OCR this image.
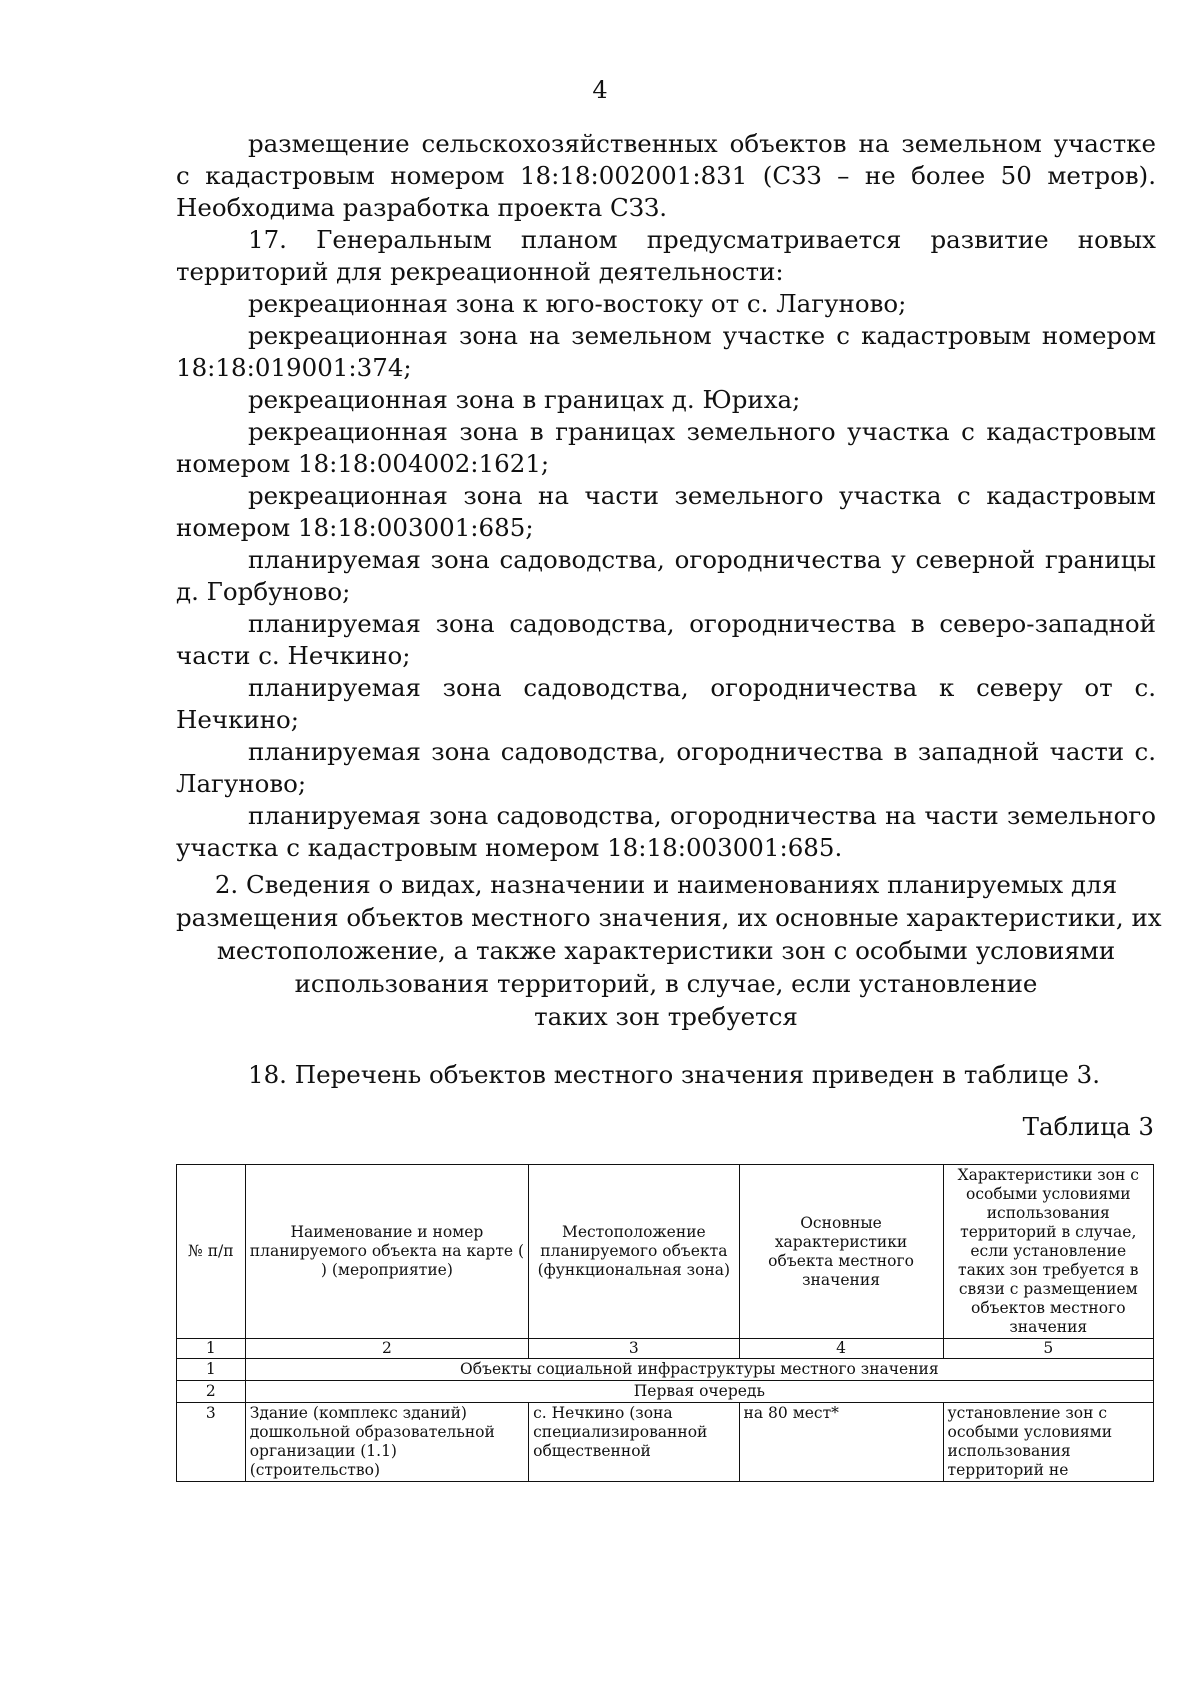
4

размещение сельскохозяйственных объектов на земельном участке с кадастровым номером 18:18:002001:831 (СЗЗ – не более 50 метров). Необходима разработка проекта СЗЗ.

17. Генеральным планом предусматривается развитие новых территорий для рекреационной деятельности:

рекреационная зона к юго-востоку от с. Лагуново;

рекреационная зона на земельном участке с кадастровым номером 18:18:019001:374;

рекреационная зона в границах д. Юриха;

рекреационная зона в границах земельного участка с кадастровым номером 18:18:004002:1621;

рекреационная зона на части земельного участка с кадастровым номером 18:18:003001:685;

планируемая зона садоводства, огородничества у северной границы д. Горбуново;

планируемая зона садоводства, огородничества в северо-западной части с. Нечкино;

планируемая зона садоводства, огородничества к северу от с. Нечкино;

планируемая зона садоводства, огородничества в западной части с. Лагуново;

планируемая зона садоводства, огородничества на части земельного участка с кадастровым номером 18:18:003001:685.

2. Сведения о видах, назначении и наименованиях планируемых для
размещения объектов местного значения, их основные характеристики, их
местоположение, а также характеристики зон с особыми условиями
использования территорий, в случае, если установление
таких зон требуется
18. Перечень объектов местного значения приведен в таблице 3.
Таблица 3
№ п/п	Наименование и номер планируемого объекта на карте ( ) (мероприятие)	Местоположение планируемого объекта (функциональная зона)	Основные характеристики объекта местного значения	Характеристики зон с особыми условиями использования территорий в случае, если установление таких зон требуется в связи с размещением объектов местного значения
1	2	3	4	5
1	Объекты социальной инфраструктуры местного значения			
2	Первая очередь			
3	Здание (комплекс зданий) дошкольной образовательной организации (1.1) (строительство)	с. Нечкино (зона специализированной общественной	на 80 мест*	установление зон с особыми условиями использования территорий не
